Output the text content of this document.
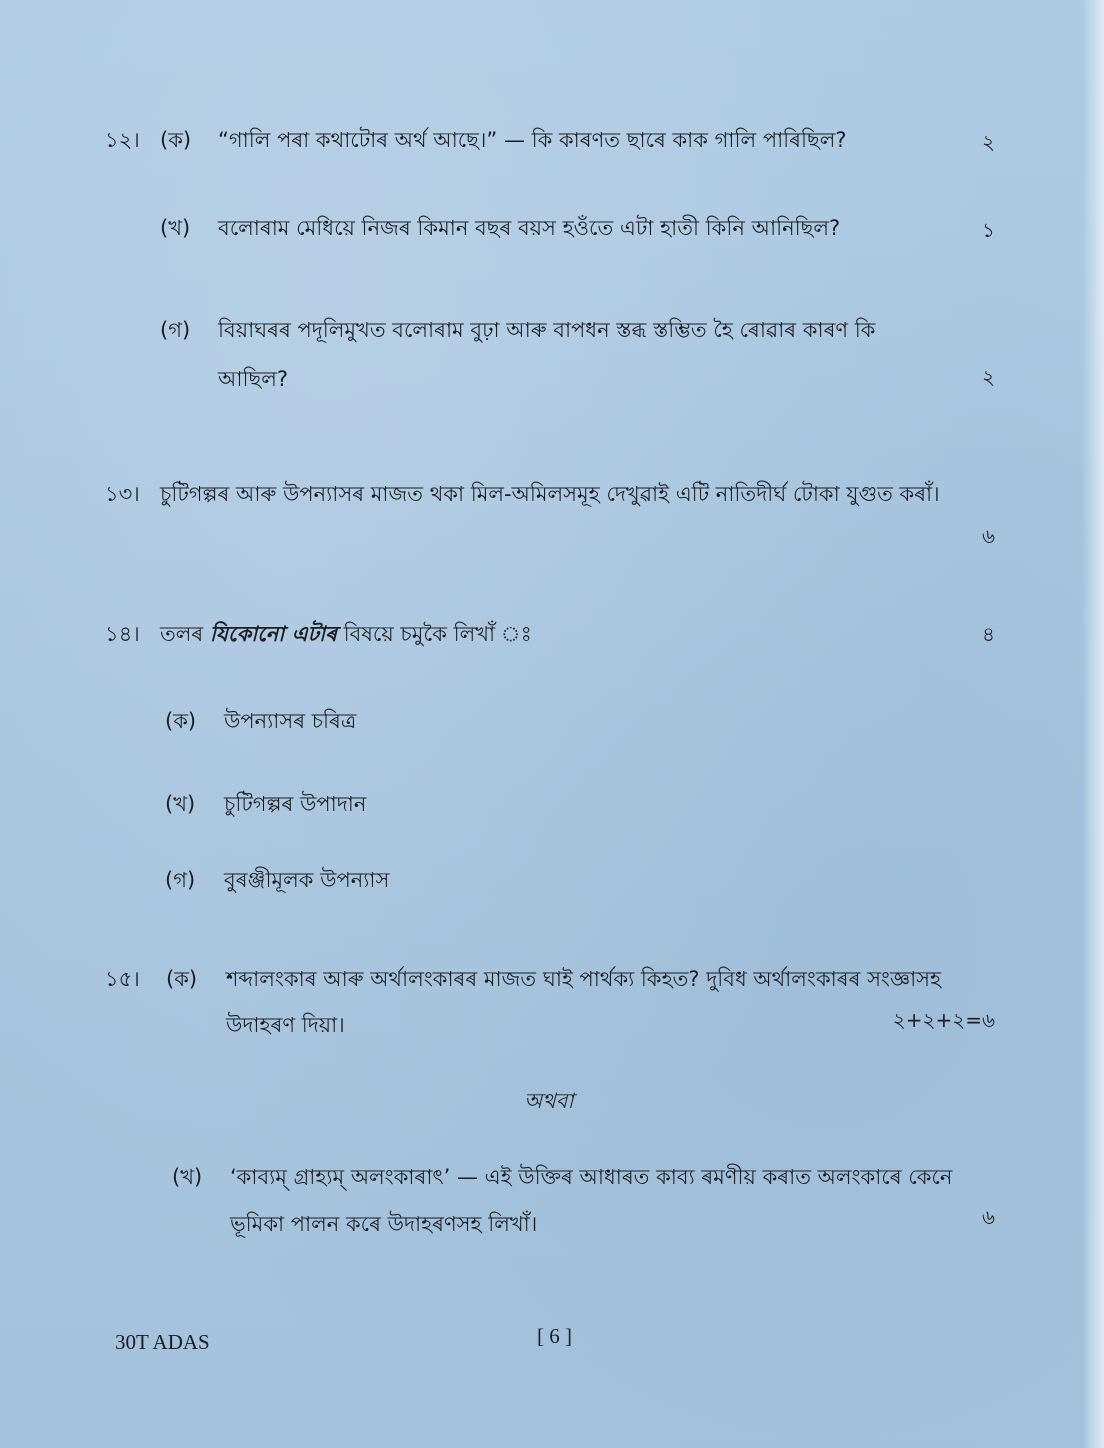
১২। (ক) “গালি পৰা কথাটোৰ অৰ্থ আছে।” — কি কাৰণত ছাৰে কাক গালি পাৰিছিল?	২
(খ) বলোৰাম মেধিয়ে নিজৰ কিমান বছৰ বয়স হওঁতে এটা হাতী কিনি আনিছিল?	১
(গ) বিয়াঘৰৰ পদূলিমুখত বলোৰাম বুঢ়া আৰু বাপধন স্তব্ধ স্তম্ভিত হৈ ৰোৱাৰ কাৰণ কি
আছিল?	২
১৩। চুটিগল্পৰ আৰু উপন্যাসৰ মাজত থকা মিল-অমিলসমূহ দেখুৱাই এটি নাতিদীৰ্ঘ টোকা যুগুত কৰাঁ।
৬
১৪। তলৰ যিকোনো এটাৰ বিষয়ে চমুকৈ লিখাঁ ঃ	৪
(ক) উপন্যাসৰ চৰিত্ৰ
(খ) চুটিগল্পৰ উপাদান
(গ) বুৰঞ্জীমূলক উপন্যাস
১৫। (ক) শব্দালংকাৰ আৰু অৰ্থালংকাৰৰ মাজত ঘাই পাৰ্থক্য কিহত? দুবিধ অৰ্থালংকাৰৰ সংজ্ঞাসহ
উদাহৰণ দিয়া।	২+২+২=৬
অথবা
(খ) ‘কাব্যম্ গ্ৰাহ্যম্ অলংকাৰাৎ’ — এই উক্তিৰ আধাৰত কাব্য ৰমণীয় কৰাত অলংকাৰে কেনে
ভূমিকা পালন কৰে উদাহৰণসহ লিখাঁ।	৬
30T ADAS	[ 6 ]
